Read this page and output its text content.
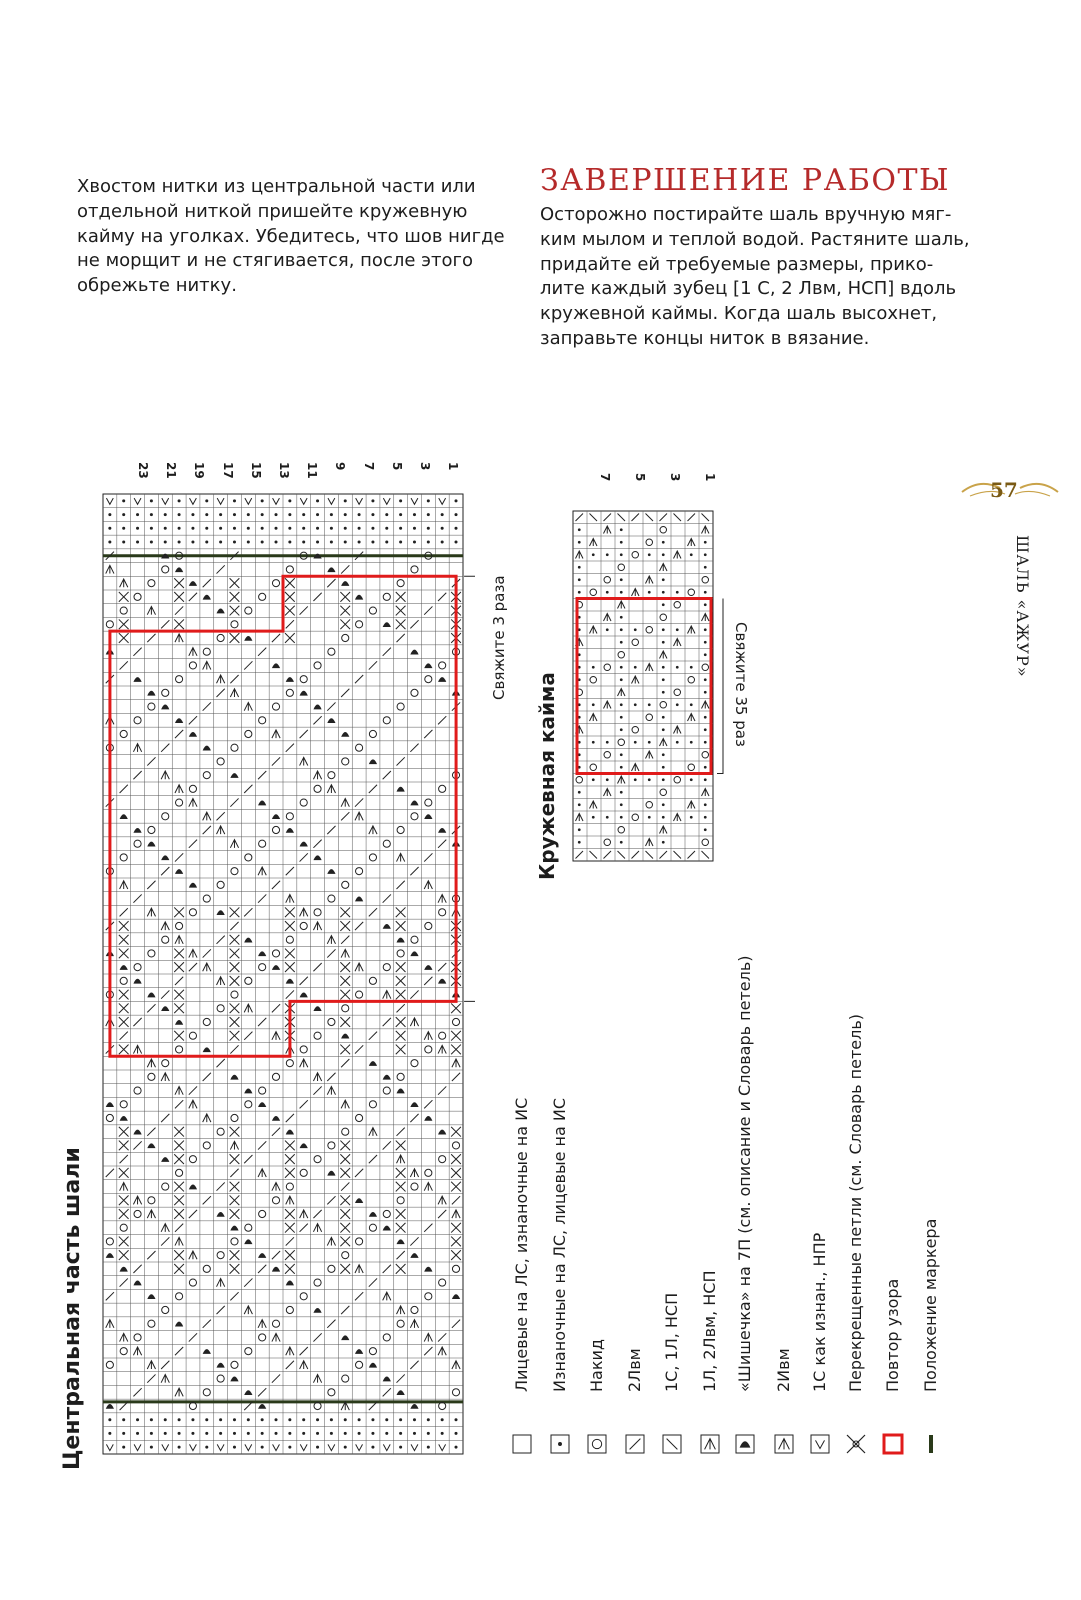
Хвостом нитки из центральной части или
отдельной ниткой пришейте кружевную
кайму на уголках. Убедитесь, что шов нигде
не морщит и не стягивается, после этого
обрежьте нитку.
ЗАВЕРШЕНИЕ РАБОТЫ
Осторожно постирайте шаль вручную мяг-
ким мылом и теплой водой. Растяните шаль,
придайте ей требуемые размеры, прико-
лите каждый зубец [1 С, 2 Лвм, НСП] вдоль
кружевной каймы. Когда шаль высохнет,
заправьте концы ниток в вязание.
57
ШАЛЬ «АЖУР»
Центральная часть шали
Свяжите 3 раза
23 21 19 17 15 13 11 9 7 5 3 1
Кружевная кайма	Свяжите 35 раз
7 5 3 1
Лицевые на ЛС, изнаночные на ИС Изнаночные на ЛС, лицевые на ИС Накид 2Лвм 1С, 1Л, НСП 1Л, 2Лвм, НСП «Шишечка» на 7П (см. описание и Словарь петель) 2Ивм 1С как изнан., НПР Перекрещенные петли (см. Словарь петель) Повтор узора Положение маркера
